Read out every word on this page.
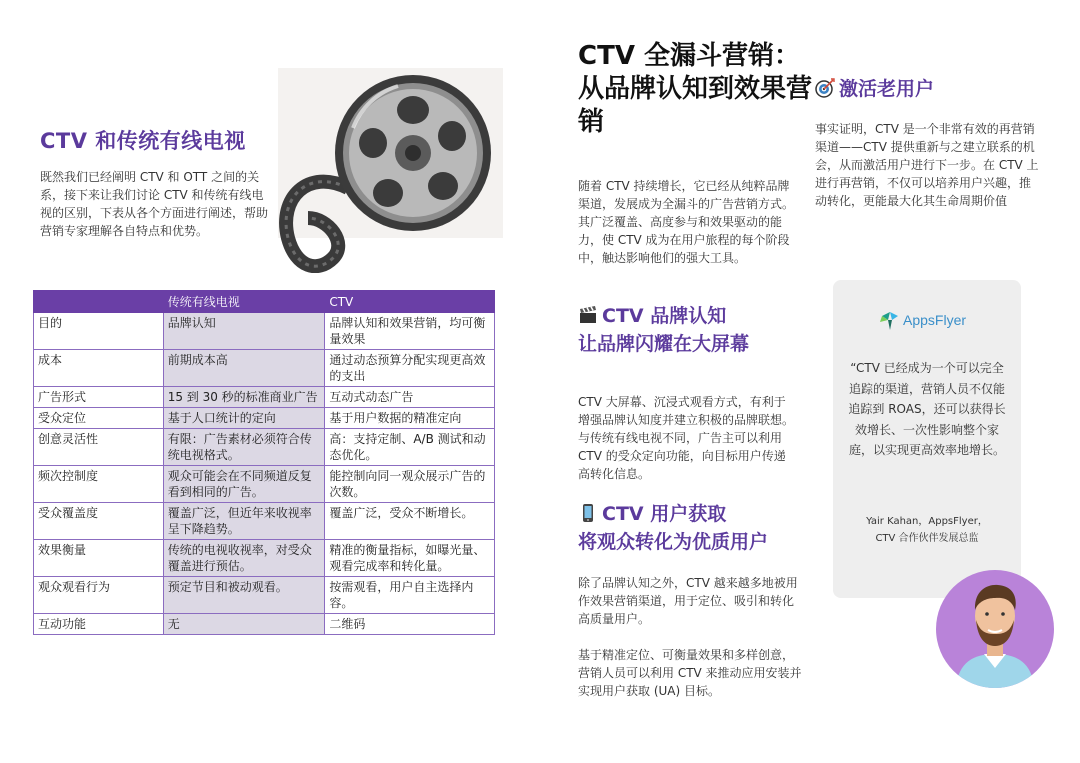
CTV 和传统有线电视
既然我们已经阐明 CTV 和 OTT 之间的关系，接下来让我们讨论 CTV 和传统有线电视的区别，下表从各个方面进行阐述，帮助营销专家理解各自特点和优势。
	传统有线电视	CTV
目的	品牌认知	品牌认知和效果营销，均可衡量效果
成本	前期成本高	通过动态预算分配实现更高效的支出
广告形式	15 到 30 秒的标准商业广告	互动式动态广告
受众定位	基于人口统计的定向	基于用户数据的精准定向
创意灵活性	有限：广告素材必须符合传统电视格式。	高：支持定制、A/B 测试和动态优化。
频次控制度	观众可能会在不同频道反复看到相同的广告。	能控制向同一观众展示广告的次数。
受众覆盖度	覆盖广泛，但近年来收视率呈下降趋势。	覆盖广泛，受众不断增长。
效果衡量	传统的电视收视率，对受众覆盖进行预估。	精准的衡量指标，如曝光量、观看完成率和转化量。
观众观看行为	预定节目和被动观看。	按需观看，用户自主选择内容。
互动功能	无	二维码
CTV 全漏斗营销：从品牌认知到效果营销
随着 CTV 持续增长，它已经从纯粹品牌渠道，发展成为全漏斗的广告营销方式。其广泛覆盖、高度参与和效果驱动的能力，使 CTV 成为在用户旅程的每个阶段中，触达影响他们的强大工具。
CTV 品牌认知
让品牌闪耀在大屏幕
CTV 大屏幕、沉浸式观看方式，有利于增强品牌认知度并建立积极的品牌联想。与传统有线电视不同，广告主可以利用 CTV 的受众定向功能，向目标用户传递高转化信息。
CTV 用户获取
将观众转化为优质用户
除了品牌认知之外，CTV 越来越多地被用作效果营销渠道，用于定位、吸引和转化高质量用户。
基于精准定位、可衡量效果和多样创意，营销人员可以利用 CTV 来推动应用安装并 实现用户获取 (UA) 目标。
激活老用户
事实证明，CTV 是一个非常有效的再营销渠道——CTV 提供重新与之建立联系的机会，从而激活用户进行下一步。在 CTV 上 进行再营销，不仅可以培养用户兴趣，推 动转化，更能最大化其生命周期价值
AppsFlyer
“CTV 已经成为一个可以完全追踪的渠道，营销人员不仅能追踪到 ROAS，还可以获得长效增长、一次性影响整个家庭，以实现更高效率地增长。
Yair Kahan，AppsFlyer，
CTV 合作伙伴发展总监
